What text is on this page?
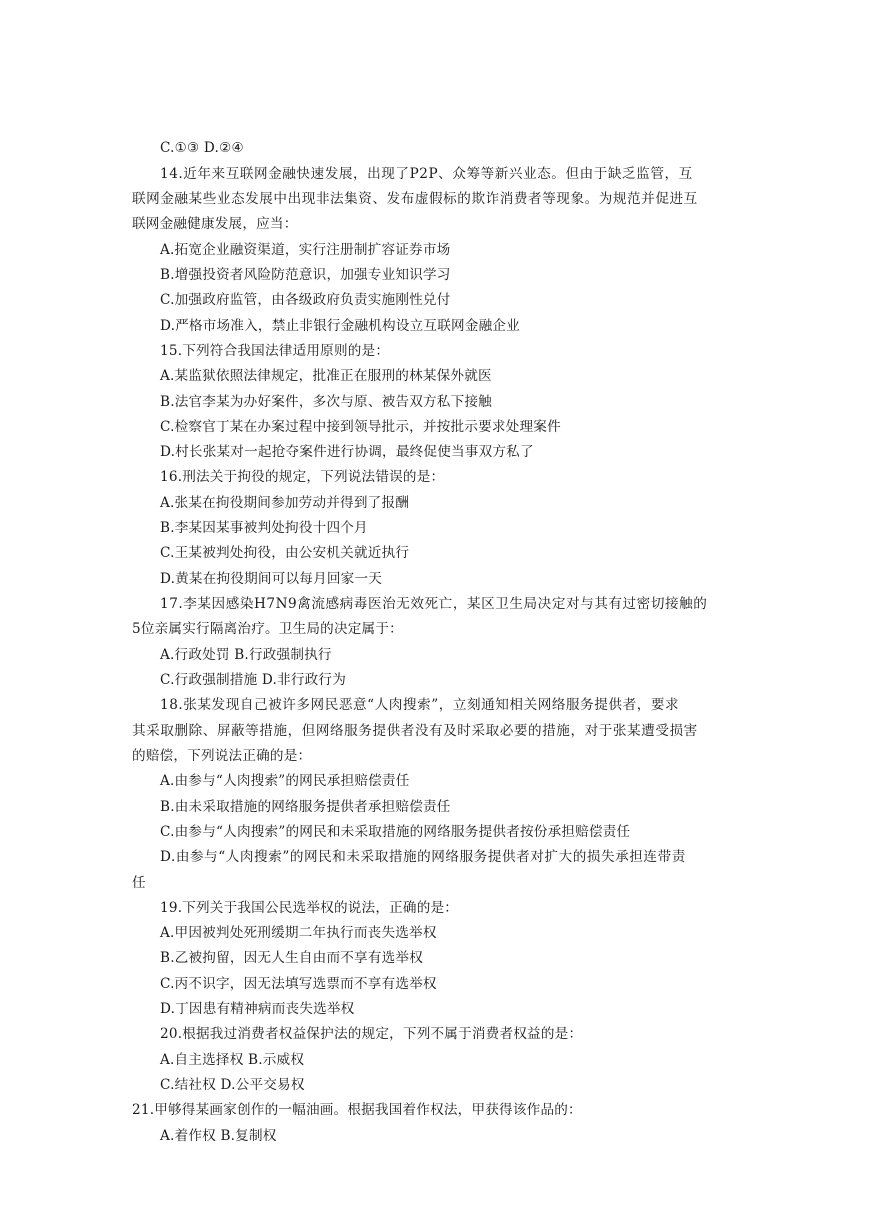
C.①③ D.②④
14.近年来互联网金融快速发展，出现了P2P、众筹等新兴业态。但由于缺乏监管，互
联网金融某些业态发展中出现非法集资、发布虚假标的欺诈消费者等现象。为规范并促进互
联网金融健康发展，应当：
A.拓宽企业融资渠道，实行注册制扩容证券市场
B.增强投资者风险防范意识，加强专业知识学习
C.加强政府监管，由各级政府负责实施刚性兑付
D.严格市场准入，禁止非银行金融机构设立互联网金融企业
15.下列符合我国法律适用原则的是：
A.某监狱依照法律规定，批准正在服刑的林某保外就医
B.法官李某为办好案件，多次与原、被告双方私下接触
C.检察官丁某在办案过程中接到领导批示，并按批示要求处理案件
D.村长张某对一起抢夺案件进行协调，最终促使当事双方私了
16.刑法关于拘役的规定，下列说法错误的是：
A.张某在拘役期间参加劳动并得到了报酬
B.李某因某事被判处拘役十四个月
C.王某被判处拘役，由公安机关就近执行
D.黄某在拘役期间可以每月回家一天
17.李某因感染H7N9禽流感病毒医治无效死亡，某区卫生局决定对与其有过密切接触的
5位亲属实行隔离治疗。卫生局的决定属于：
A.行政处罚 B.行政强制执行
C.行政强制措施 D.非行政行为
18.张某发现自己被许多网民恶意“人肉搜索”，立刻通知相关网络服务提供者，要求
其采取删除、屏蔽等措施，但网络服务提供者没有及时采取必要的措施，对于张某遭受损害
的赔偿，下列说法正确的是：
A.由参与“人肉搜索”的网民承担赔偿责任
B.由未采取措施的网络服务提供者承担赔偿责任
C.由参与“人肉搜索”的网民和未采取措施的网络服务提供者按份承担赔偿责任
D.由参与“人肉搜索”的网民和未采取措施的网络服务提供者对扩大的损失承担连带责
任
19.下列关于我国公民选举权的说法，正确的是：
A.甲因被判处死刑缓期二年执行而丧失选举权
B.乙被拘留，因无人生自由而不享有选举权
C.丙不识字，因无法填写选票而不享有选举权
D.丁因患有精神病而丧失选举权
20.根据我过消费者权益保护法的规定，下列不属于消费者权益的是：
A.自主选择权 B.示威权
C.结社权 D.公平交易权
21.甲够得某画家创作的一幅油画。根据我国着作权法，甲获得该作品的：
A.着作权 B.复制权
